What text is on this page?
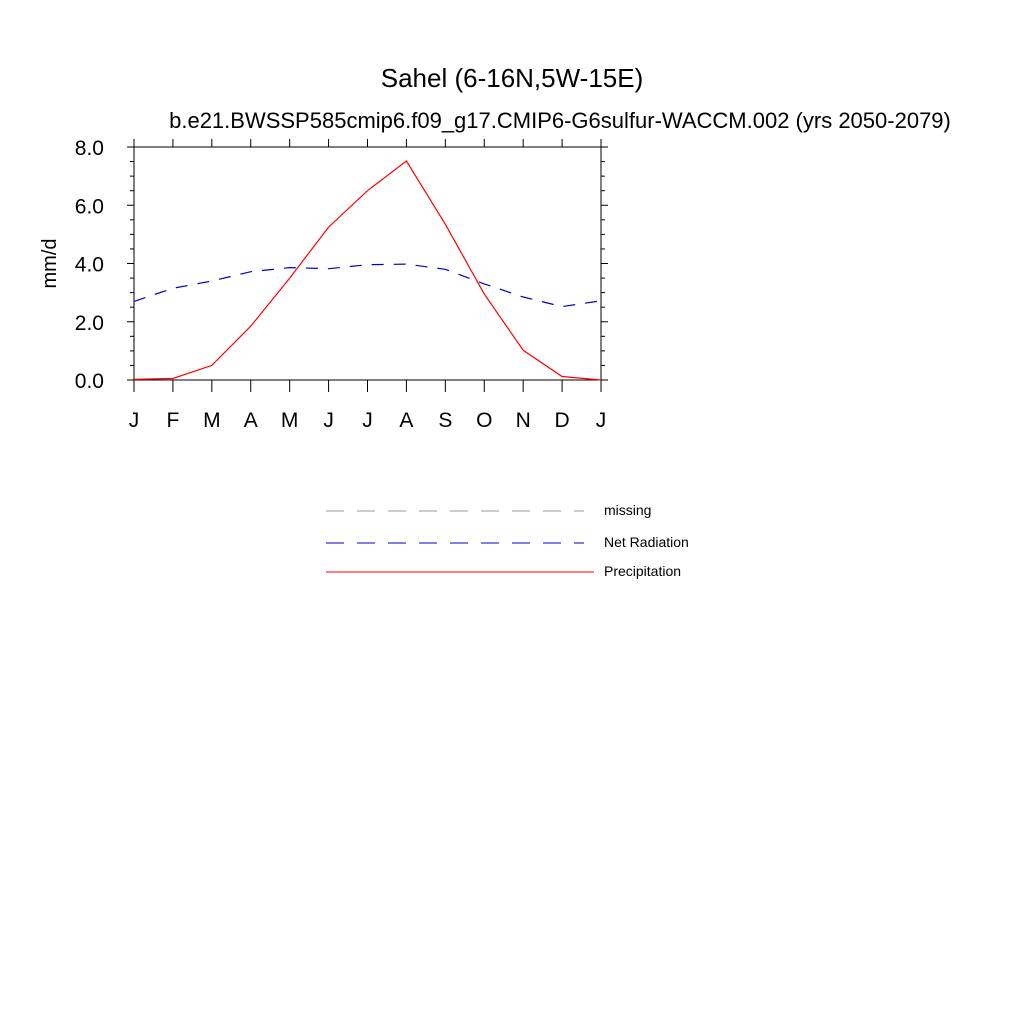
Sahel (6-16N,5W-15E)
b.e21.BWSSP585cmip6.f09_g17.CMIP6-G6sulfur-WACCM.002 (yrs 2050-2079)
0.0
2.0
4.0
6.0
8.0
mm/d
J F M A M J J A S O N D J
missing
Net Radiation
Precipitation
